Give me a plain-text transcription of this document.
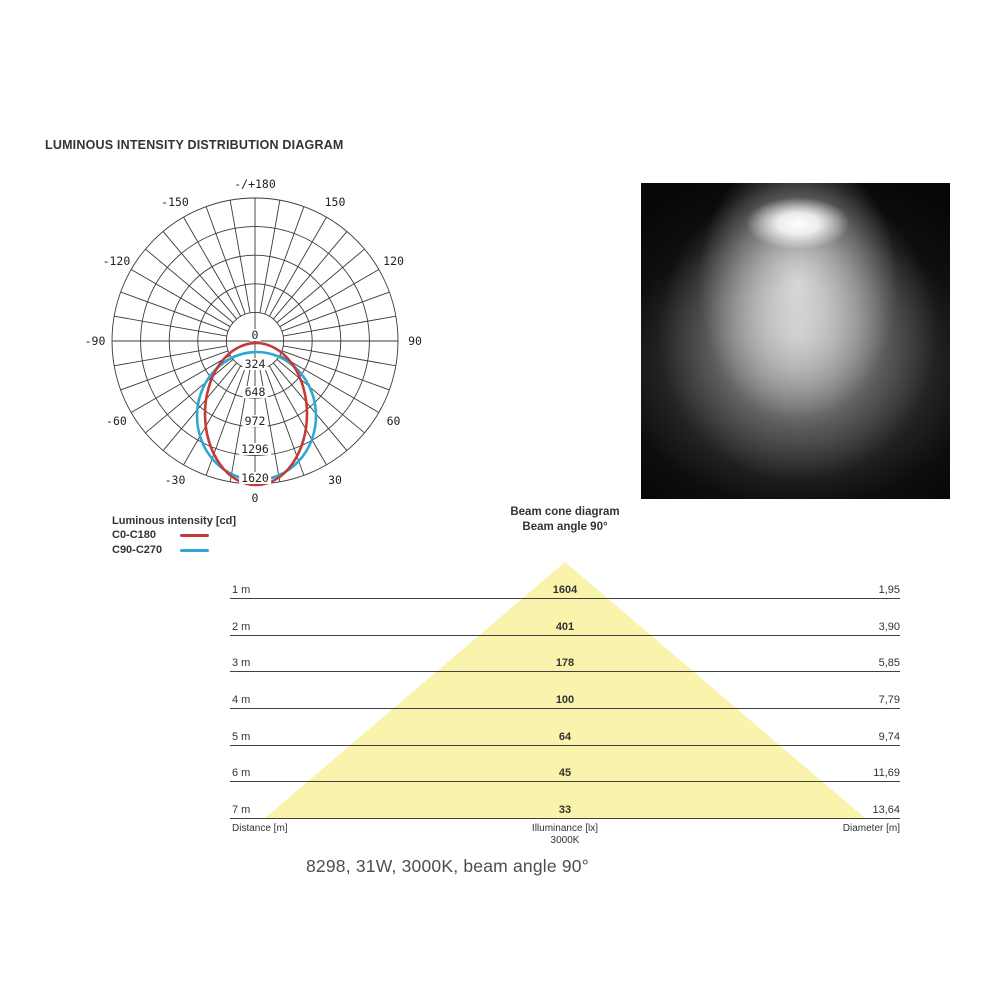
LUMINOUS INTENSITY DISTRIBUTION DIAGRAM
-/+180
-150	150
-120	120
-90	90
-60	60
-30	30
0
0
324
648
972
1296
1620
Luminous intensity [cd]
C0-C180
C90-C270
Beam cone diagram
Beam angle 90°
1 m	1604	1,95
2 m	401	3,90
3 m	178	5,85
4 m	100	7,79
5 m	64	9,74
6 m	45	11,69
7 m	33	13,64
Distance [m]	Illuminance [lx]
3000K
Diameter [m]
8298, 31W, 3000K, beam angle 90°
